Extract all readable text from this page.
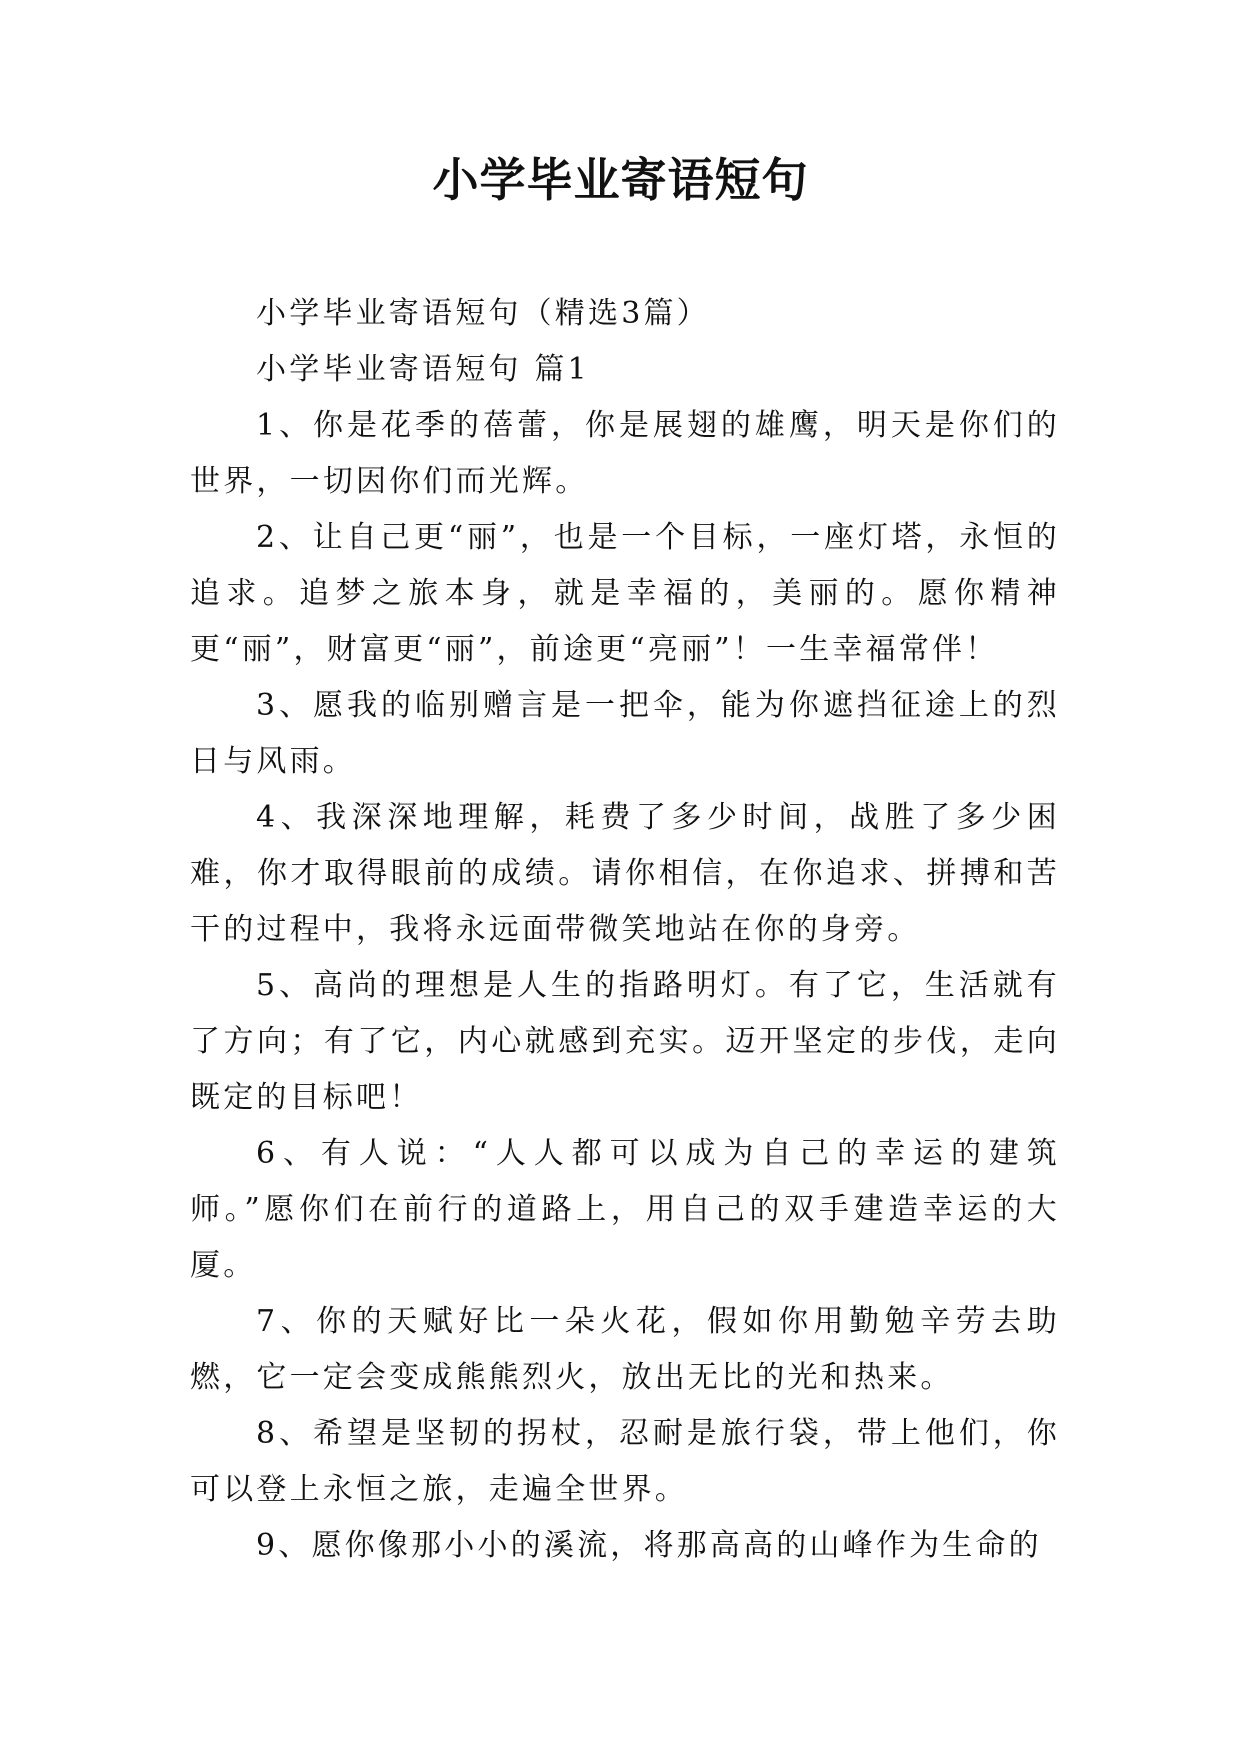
小学毕业寄语短句

小学毕业寄语短句（精选3篇）

小学毕业寄语短句 篇1

1、你是花季的蓓蕾，你是展翅的雄鹰，明天是你们的世界，一切因你们而光辉。

2、让自己更“丽”，也是一个目标，一座灯塔，永恒的追求。追梦之旅本身，就是幸福的，美丽的。愿你精神更“丽”，财富更“丽”，前途更“亮丽”！一生幸福常伴！

3、愿我的临别赠言是一把伞，能为你遮挡征途上的烈日与风雨。

4、我深深地理解，耗费了多少时间，战胜了多少困难，你才取得眼前的成绩。请你相信，在你追求、拼搏和苦干的过程中，我将永远面带微笑地站在你的身旁。

5、高尚的理想是人生的指路明灯。有了它，生活就有了方向；有了它，内心就感到充实。迈开坚定的步伐，走向既定的目标吧！

6、有人说：“人人都可以成为自己的幸运的建筑师。”愿你们在前行的道路上，用自己的双手建造幸运的大厦。

7、你的天赋好比一朵火花，假如你用勤勉辛劳去助燃，它一定会变成熊熊烈火，放出无比的光和热来。

8、希望是坚韧的拐杖，忍耐是旅行袋，带上他们，你可以登上永恒之旅，走遍全世界。

9、愿你像那小小的溪流，将那高高的山峰作为生命的
